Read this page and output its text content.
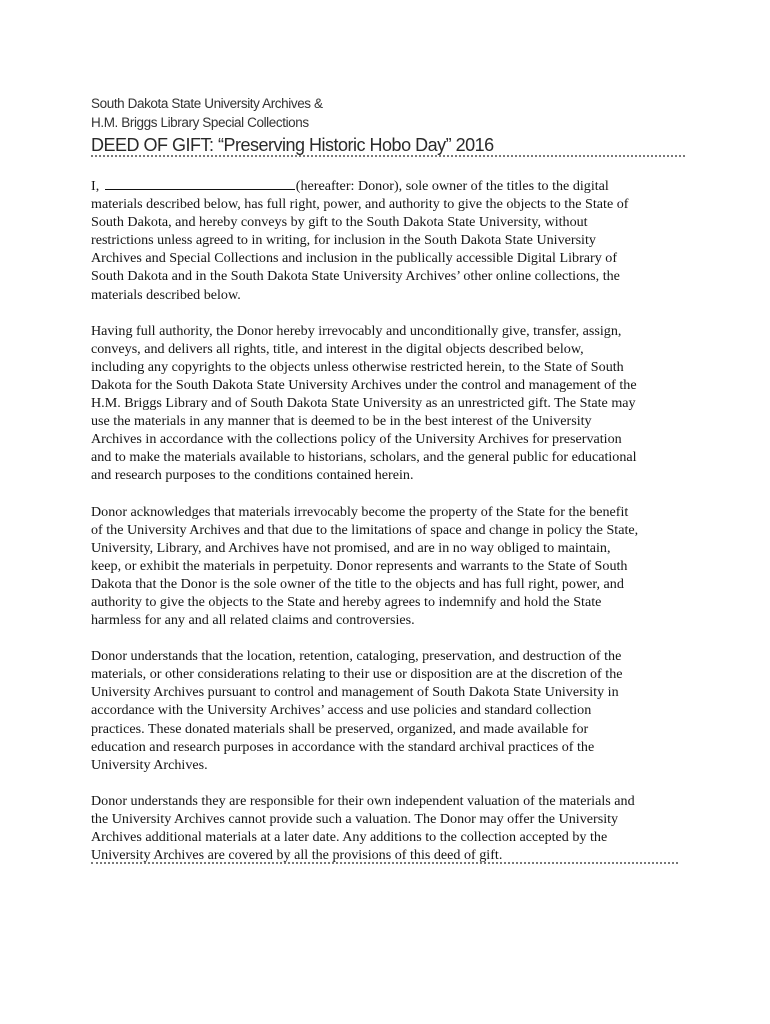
South Dakota State University Archives &
H.M. Briggs Library Special Collections
DEED OF GIFT: “Preserving Historic Hobo Day” 2016

I,	(hereafter: Donor), sole owner of the titles to the digital
materials described below, has full right, power, and authority to give the objects to the State of
South Dakota, and hereby conveys by gift to the South Dakota State University, without
restrictions unless agreed to in writing, for inclusion in the South Dakota State University
Archives and Special Collections and inclusion in the publically accessible Digital Library of
South Dakota and in the South Dakota State University Archives’ other online collections, the
materials described below.

Having full authority, the Donor hereby irrevocably and unconditionally give, transfer, assign,
conveys, and delivers all rights, title, and interest in the digital objects described below,
including any copyrights to the objects unless otherwise restricted herein, to the State of South
Dakota for the South Dakota State University Archives under the control and management of the
H.M. Briggs Library and of South Dakota State University as an unrestricted gift. The State may
use the materials in any manner that is deemed to be in the best interest of the University
Archives in accordance with the collections policy of the University Archives for preservation
and to make the materials available to historians, scholars, and the general public for educational
and research purposes to the conditions contained herein.

Donor acknowledges that materials irrevocably become the property of the State for the benefit
of the University Archives and that due to the limitations of space and change in policy the State,
University, Library, and Archives have not promised, and are in no way obliged to maintain,
keep, or exhibit the materials in perpetuity. Donor represents and warrants to the State of South
Dakota that the Donor is the sole owner of the title to the objects and has full right, power, and
authority to give the objects to the State and hereby agrees to indemnify and hold the State
harmless for any and all related claims and controversies.

Donor understands that the location, retention, cataloging, preservation, and destruction of the
materials, or other considerations relating to their use or disposition are at the discretion of the
University Archives pursuant to control and management of South Dakota State University in
accordance with the University Archives’ access and use policies and standard collection
practices. These donated materials shall be preserved, organized, and made available for
education and research purposes in accordance with the standard archival practices of the
University Archives.

Donor understands they are responsible for their own independent valuation of the materials and
the University Archives cannot provide such a valuation. The Donor may offer the University
Archives additional materials at a later date. Any additions to the collection accepted by the
University Archives are covered by all the provisions of this deed of gift.
